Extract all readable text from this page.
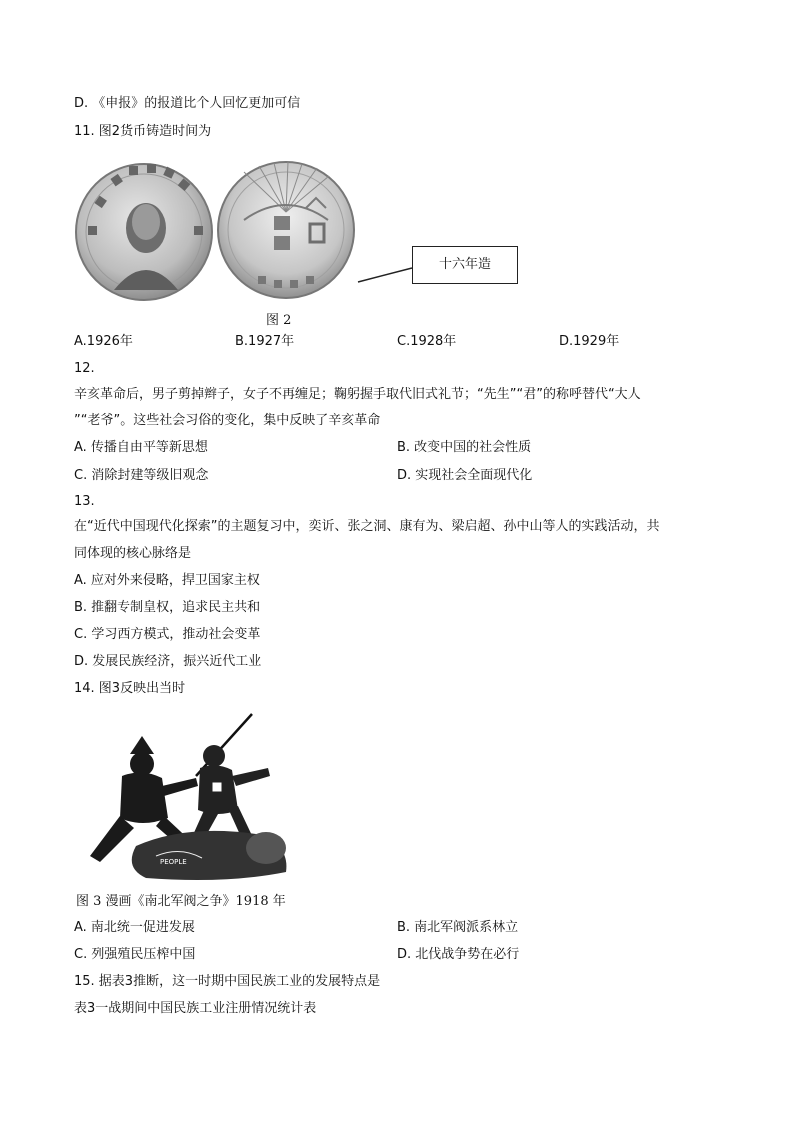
D. 《申报》的报道比个人回忆更加可信
11. 图2货币铸造时间为
十六年造
图 2
A.1926年	B.1927年	C.1928年	D.1929年
12.
辛亥革命后，男子剪掉辫子，女子不再缠足；鞠躬握手取代旧式礼节；“先生”“君”的称呼替代“大人
”“老爷”。这些社会习俗的变化，集中反映了辛亥革命
A. 传播自由平等新思想	B. 改变中国的社会性质
C. 消除封建等级旧观念	D. 实现社会全面现代化
13.
在“近代中国现代化探索”的主题复习中，奕䜣、张之洞、康有为、梁启超、孙中山等人的实践活动，共
同体现的核心脉络是
A. 应对外来侵略，捍卫国家主权
B. 推翻专制皇权，追求民主共和
C. 学习西方模式，推动社会变革
D. 发展民族经济，振兴近代工业
14. 图3反映出当时
PEOPLE
图 3 漫画《南北军阀之争》1918 年
A. 南北统一促进发展	B. 南北军阀派系林立
C. 列强殖民压榨中国	D. 北伐战争势在必行
15. 据表3推断，这一时期中国民族工业的发展特点是
表3一战期间中国民族工业注册情况统计表
